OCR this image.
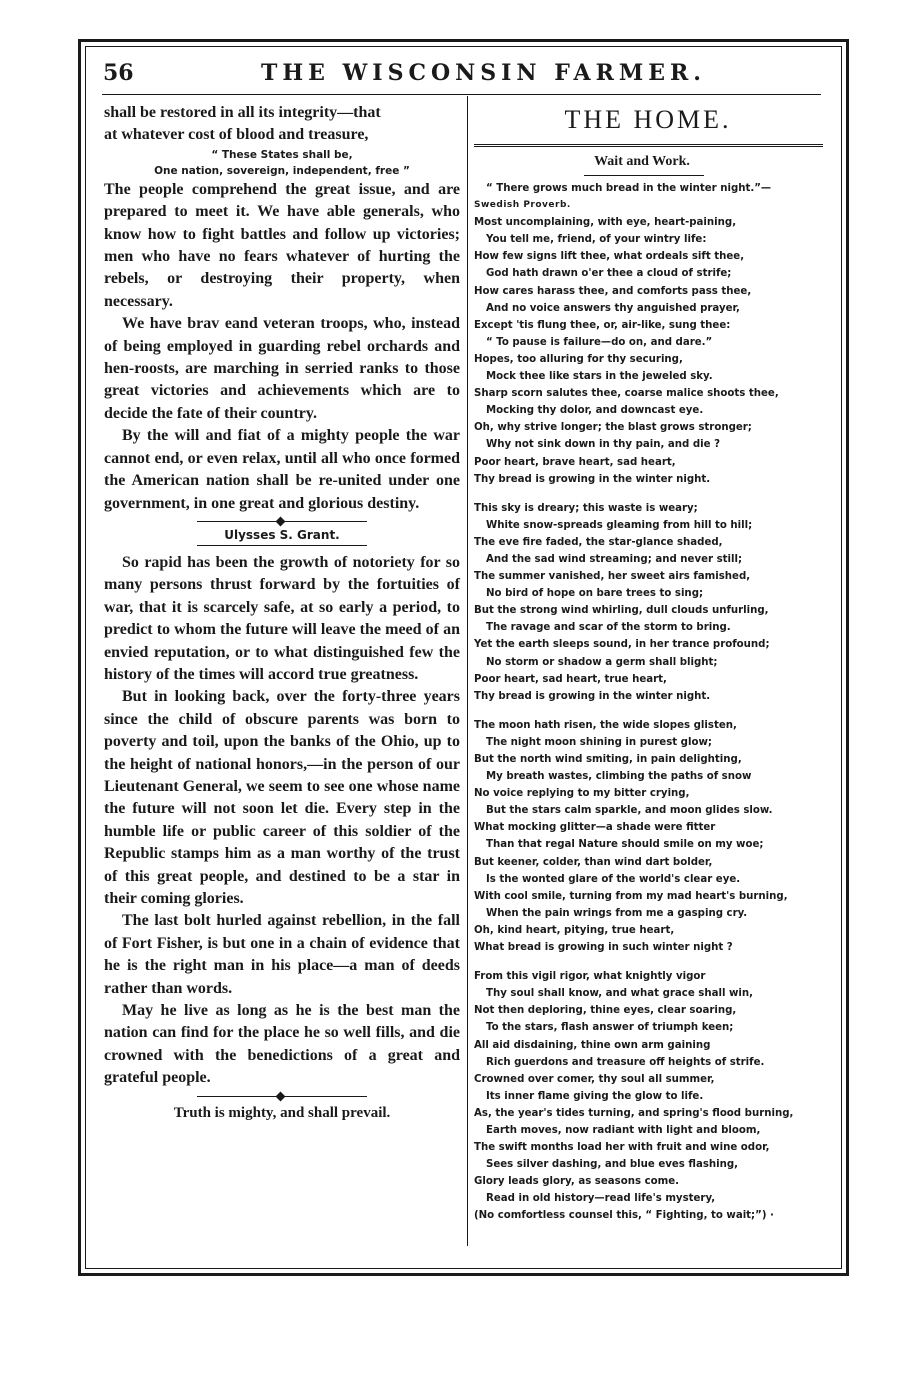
56	THE WISCONSIN FARMER.

shall be restored in all its integrity—that

at whatever cost of blood and treasure,

“ These States shall be,
One nation, sovereign, independent, free ”

The people comprehend the great issue, and are prepared to meet it. We have able generals, who know how to fight battles and follow up victories; men who have no fears whatever of hurting the rebels, or destroying their property, when necessary.

We have brav eand veteran troops, who, instead of being employed in guarding rebel orchards and hen-roosts, are marching in serried ranks to those great victories and achievements which are to decide the fate of their country.

By the will and fiat of a mighty people the war cannot end, or even relax, until all who once formed the American nation shall be re-united under one government, in one great and glorious destiny.

Ulysses S. Grant.

So rapid has been the growth of notoriety for so many persons thrust forward by the fortuities of war, that it is scarcely safe, at so early a period, to predict to whom the future will leave the meed of an envied reputation, or to what distinguished few the history of the times will accord true greatness.

But in looking back, over the forty-three years since the child of obscure parents was born to poverty and toil, upon the banks of the Ohio, up to the height of national honors,—in the person of our Lieutenant General, we seem to see one whose name the future will not soon let die. Every step in the humble life or public career of this soldier of the Republic stamps him as a man worthy of the trust of this great people, and destined to be a star in their coming glories.

The last bolt hurled against rebellion, in the fall of Fort Fisher, is but one in a chain of evidence that he is the right man in his place—a man of deeds rather than words.

May he live as long as he is the best man the nation can find for the place he so well fills, and die crowned with the benedictions of a great and grateful people.

Truth is mighty, and shall prevail.
THE HOME.
Wait and Work.
“ There grows much bread in the winter night.”—
Swedish Proverb.
Most uncomplaining, with eye, heart-paining,
You tell me, friend, of your wintry life:
How few signs lift thee, what ordeals sift thee,
God hath drawn o'er thee a cloud of strife;
How cares harass thee, and comforts pass thee,
And no voice answers thy anguished prayer,
Except 'tis flung thee, or, air-like, sung thee:
“ To pause is failure—do on, and dare.”
Hopes, too alluring for thy securing,
Mock thee like stars in the jeweled sky.
Sharp scorn salutes thee, coarse malice shoots thee,
Mocking thy dolor, and downcast eye.
Oh, why strive longer; the blast grows stronger;
Why not sink down in thy pain, and die ?
Poor heart, brave heart, sad heart,
Thy bread is growing in the winter night.
This sky is dreary; this waste is weary;
White snow-spreads gleaming from hill to hill;
The eve fire faded, the star-glance shaded,
And the sad wind streaming; and never still;
The summer vanished, her sweet airs famished,
No bird of hope on bare trees to sing;
But the strong wind whirling, dull clouds unfurling,
The ravage and scar of the storm to bring.
Yet the earth sleeps sound, in her trance profound;
No storm or shadow a germ shall blight;
Poor heart, sad heart, true heart,
Thy bread is growing in the winter night.
The moon hath risen, the wide slopes glisten,
The night moon shining in purest glow;
But the north wind smiting, in pain delighting,
My breath wastes, climbing the paths of snow
No voice replying to my bitter crying,
But the stars calm sparkle, and moon glides slow.
What mocking glitter—a shade were fitter
Than that regal Nature should smile on my woe;
But keener, colder, than wind dart bolder,
Is the wonted glare of the world's clear eye.
With cool smile, turning from my mad heart's burning,
When the pain wrings from me a gasping cry.
Oh, kind heart, pitying, true heart,
What bread is growing in such winter night ?
From this vigil rigor, what knightly vigor
Thy soul shall know, and what grace shall win,
Not then deploring, thine eyes, clear soaring,
To the stars, flash answer of triumph keen;
All aid disdaining, thine own arm gaining
Rich guerdons and treasure off heights of strife.
Crowned over comer, thy soul all summer,
Its inner flame giving the glow to life.
As, the year's tides turning, and spring's flood burning,
Earth moves, now radiant with light and bloom,
The swift months load her with fruit and wine odor,
Sees silver dashing, and blue eves flashing,
Glory leads glory, as seasons come.
Read in old history—read life's mystery,
(No comfortless counsel this, “ Fighting, to wait;”) ·
